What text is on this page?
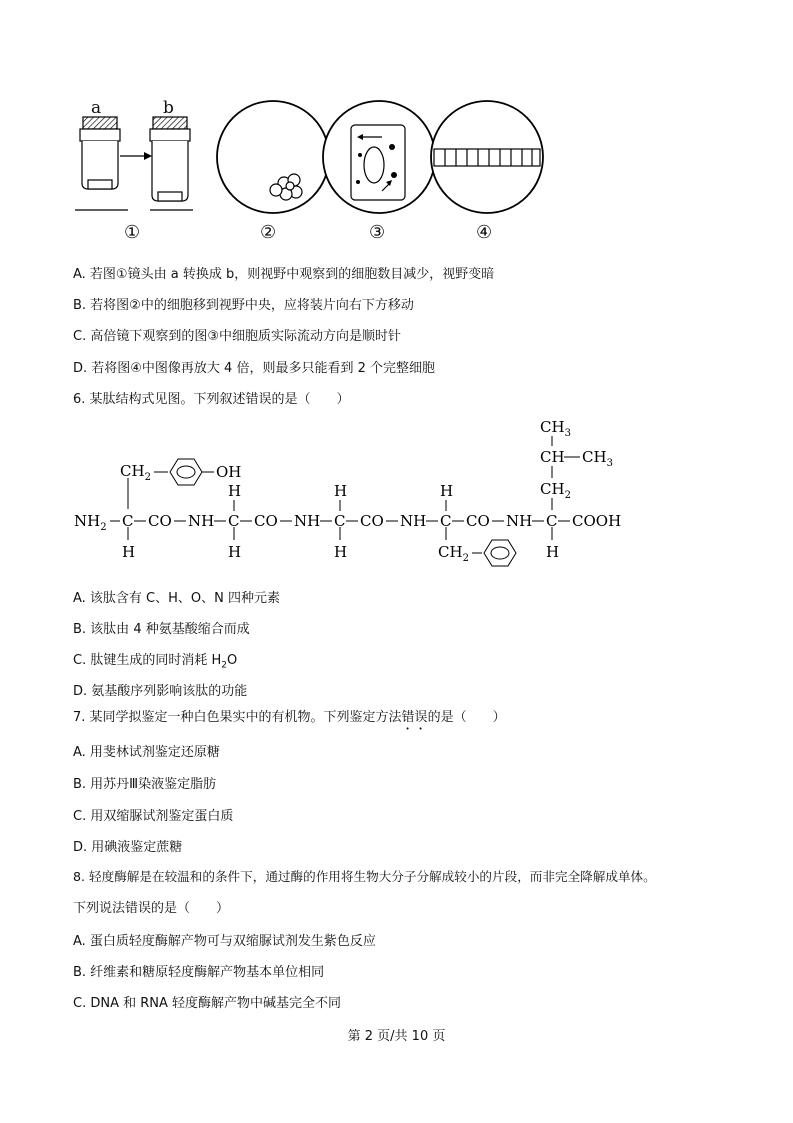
a	b
①	②	③	④
A. 若图①镜头由 a 转换成 b，则视野中观察到的细胞数目减少，视野变暗
B. 若将图②中的细胞移到视野中央，应将装片向右下方移动
C. 高倍镜下观察到的图③中细胞质实际流动方向是顺时针
D. 若将图④中图像再放大 4 倍，则最多只能看到 2 个完整细胞
6. 某肽结构式见图。下列叙述错误的是（　　）
$NH_2$ C CO NH C CO NH C CO NH C CO NH C COOH
$CH_2$	OH
H
H
H
H
H
H
$CH_2$
$CH_3$
CH $CH_3$
$CH_2$
H
A. 该肽含有 C、H、O、N 四种元素
B. 该肽由 4 种氨基酸缩合而成
C. 肽键生成的同时消耗 $H_2O$
D. 氨基酸序列影响该肽的功能
7. 某同学拟鉴定一种白色果实中的有机物。下列鉴定方法错误的是（　　）
A. 用斐林试剂鉴定还原糖
B. 用苏丹Ⅲ染液鉴定脂肪
C. 用双缩脲试剂鉴定蛋白质
D. 用碘液鉴定蔗糖
8. 轻度酶解是在较温和的条件下，通过酶的作用将生物大分子分解成较小的片段，而非完全降解成单体。
下列说法错误的是（　　）
A. 蛋白质轻度酶解产物可与双缩脲试剂发生紫色反应
B. 纤维素和糖原轻度酶解产物基本单位相同
C. DNA 和 RNA 轻度酶解产物中碱基完全不同
第 2 页/共 10 页
